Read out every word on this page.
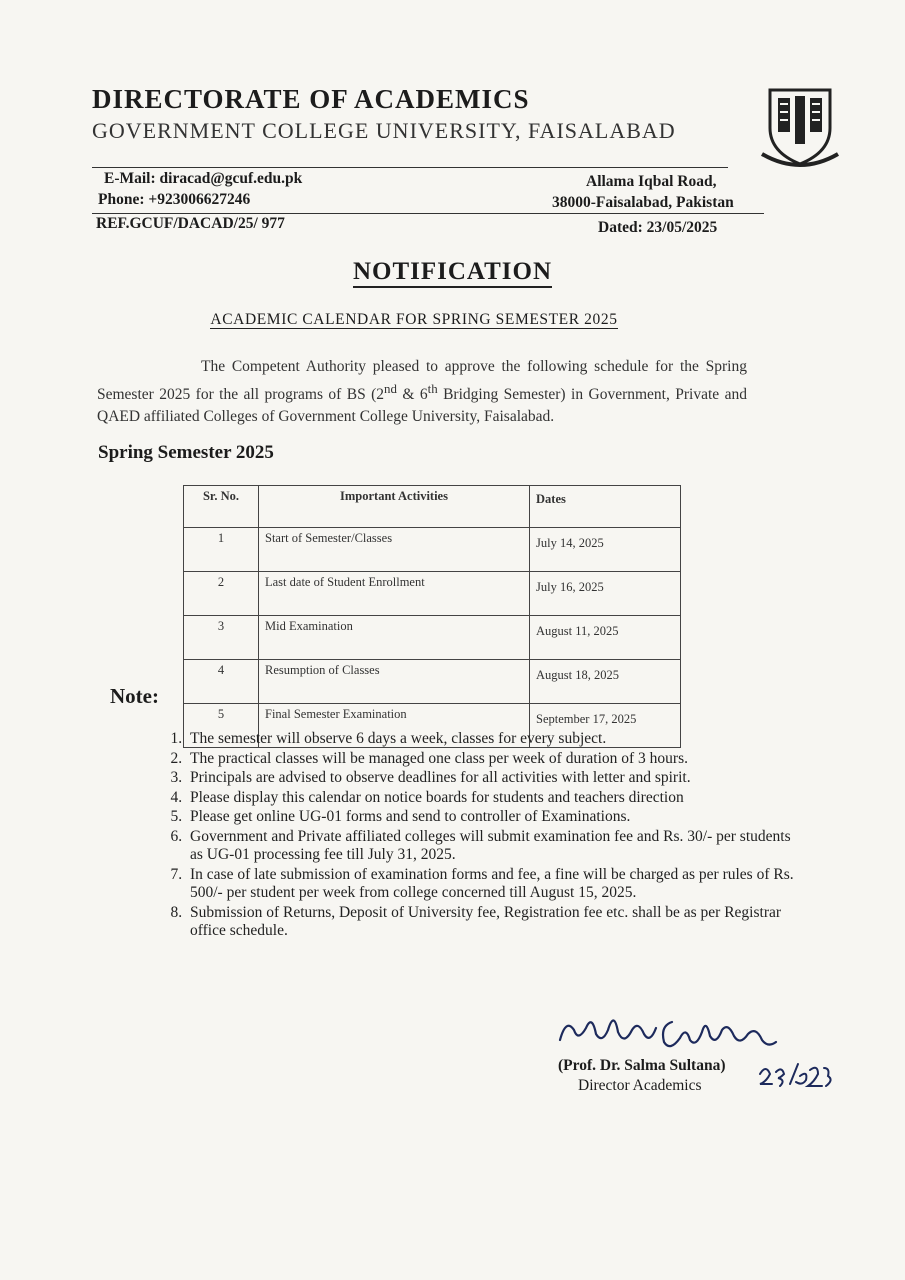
DIRECTORATE OF ACADEMICS
GOVERNMENT COLLEGE UNIVERSITY, FAISALABAD
E-Mail: diracad@gcuf.edu.pk
Phone: +923006627246
Allama Iqbal Road,
38000-Faisalabad, Pakistan
REF.GCUF/DACAD/25/ 977	Dated: 23/05/2025
NOTIFICATION
ACADEMIC CALENDAR FOR SPRING SEMESTER 2025
The Competent Authority pleased to approve the following schedule for the Spring Semester 2025 for the all programs of BS (2nd & 6th Bridging Semester) in Government, Private and QAED affiliated Colleges of Government College University, Faisalabad.
Spring Semester 2025
Sr. No.	Important Activities	Dates
1	Start of Semester/Classes	July 14, 2025
2	Last date of Student Enrollment	July 16, 2025
3	Mid Examination	August 11, 2025
4	Resumption of Classes	August 18, 2025
5	Final Semester Examination	September 17, 2025
Note:
1. The semester will observe 6 days a week, classes for every subject.
2. The practical classes will be managed one class per week of duration of 3 hours.
3. Principals are advised to observe deadlines for all activities with letter and spirit.
4. Please display this calendar on notice boards for students and teachers direction
5. Please get online UG-01 forms and send to controller of Examinations.
6. Government and Private affiliated colleges will submit examination fee and Rs. 30/- per students as UG-01 processing fee till July 31, 2025.
7. In case of late submission of examination forms and fee, a fine will be charged as per rules of Rs. 500/- per student per week from college concerned till August 15, 2025.
8. Submission of Returns, Deposit of University fee, Registration fee etc. shall be as per Registrar office schedule.
(Prof. Dr. Salma Sultana)
Director Academics
